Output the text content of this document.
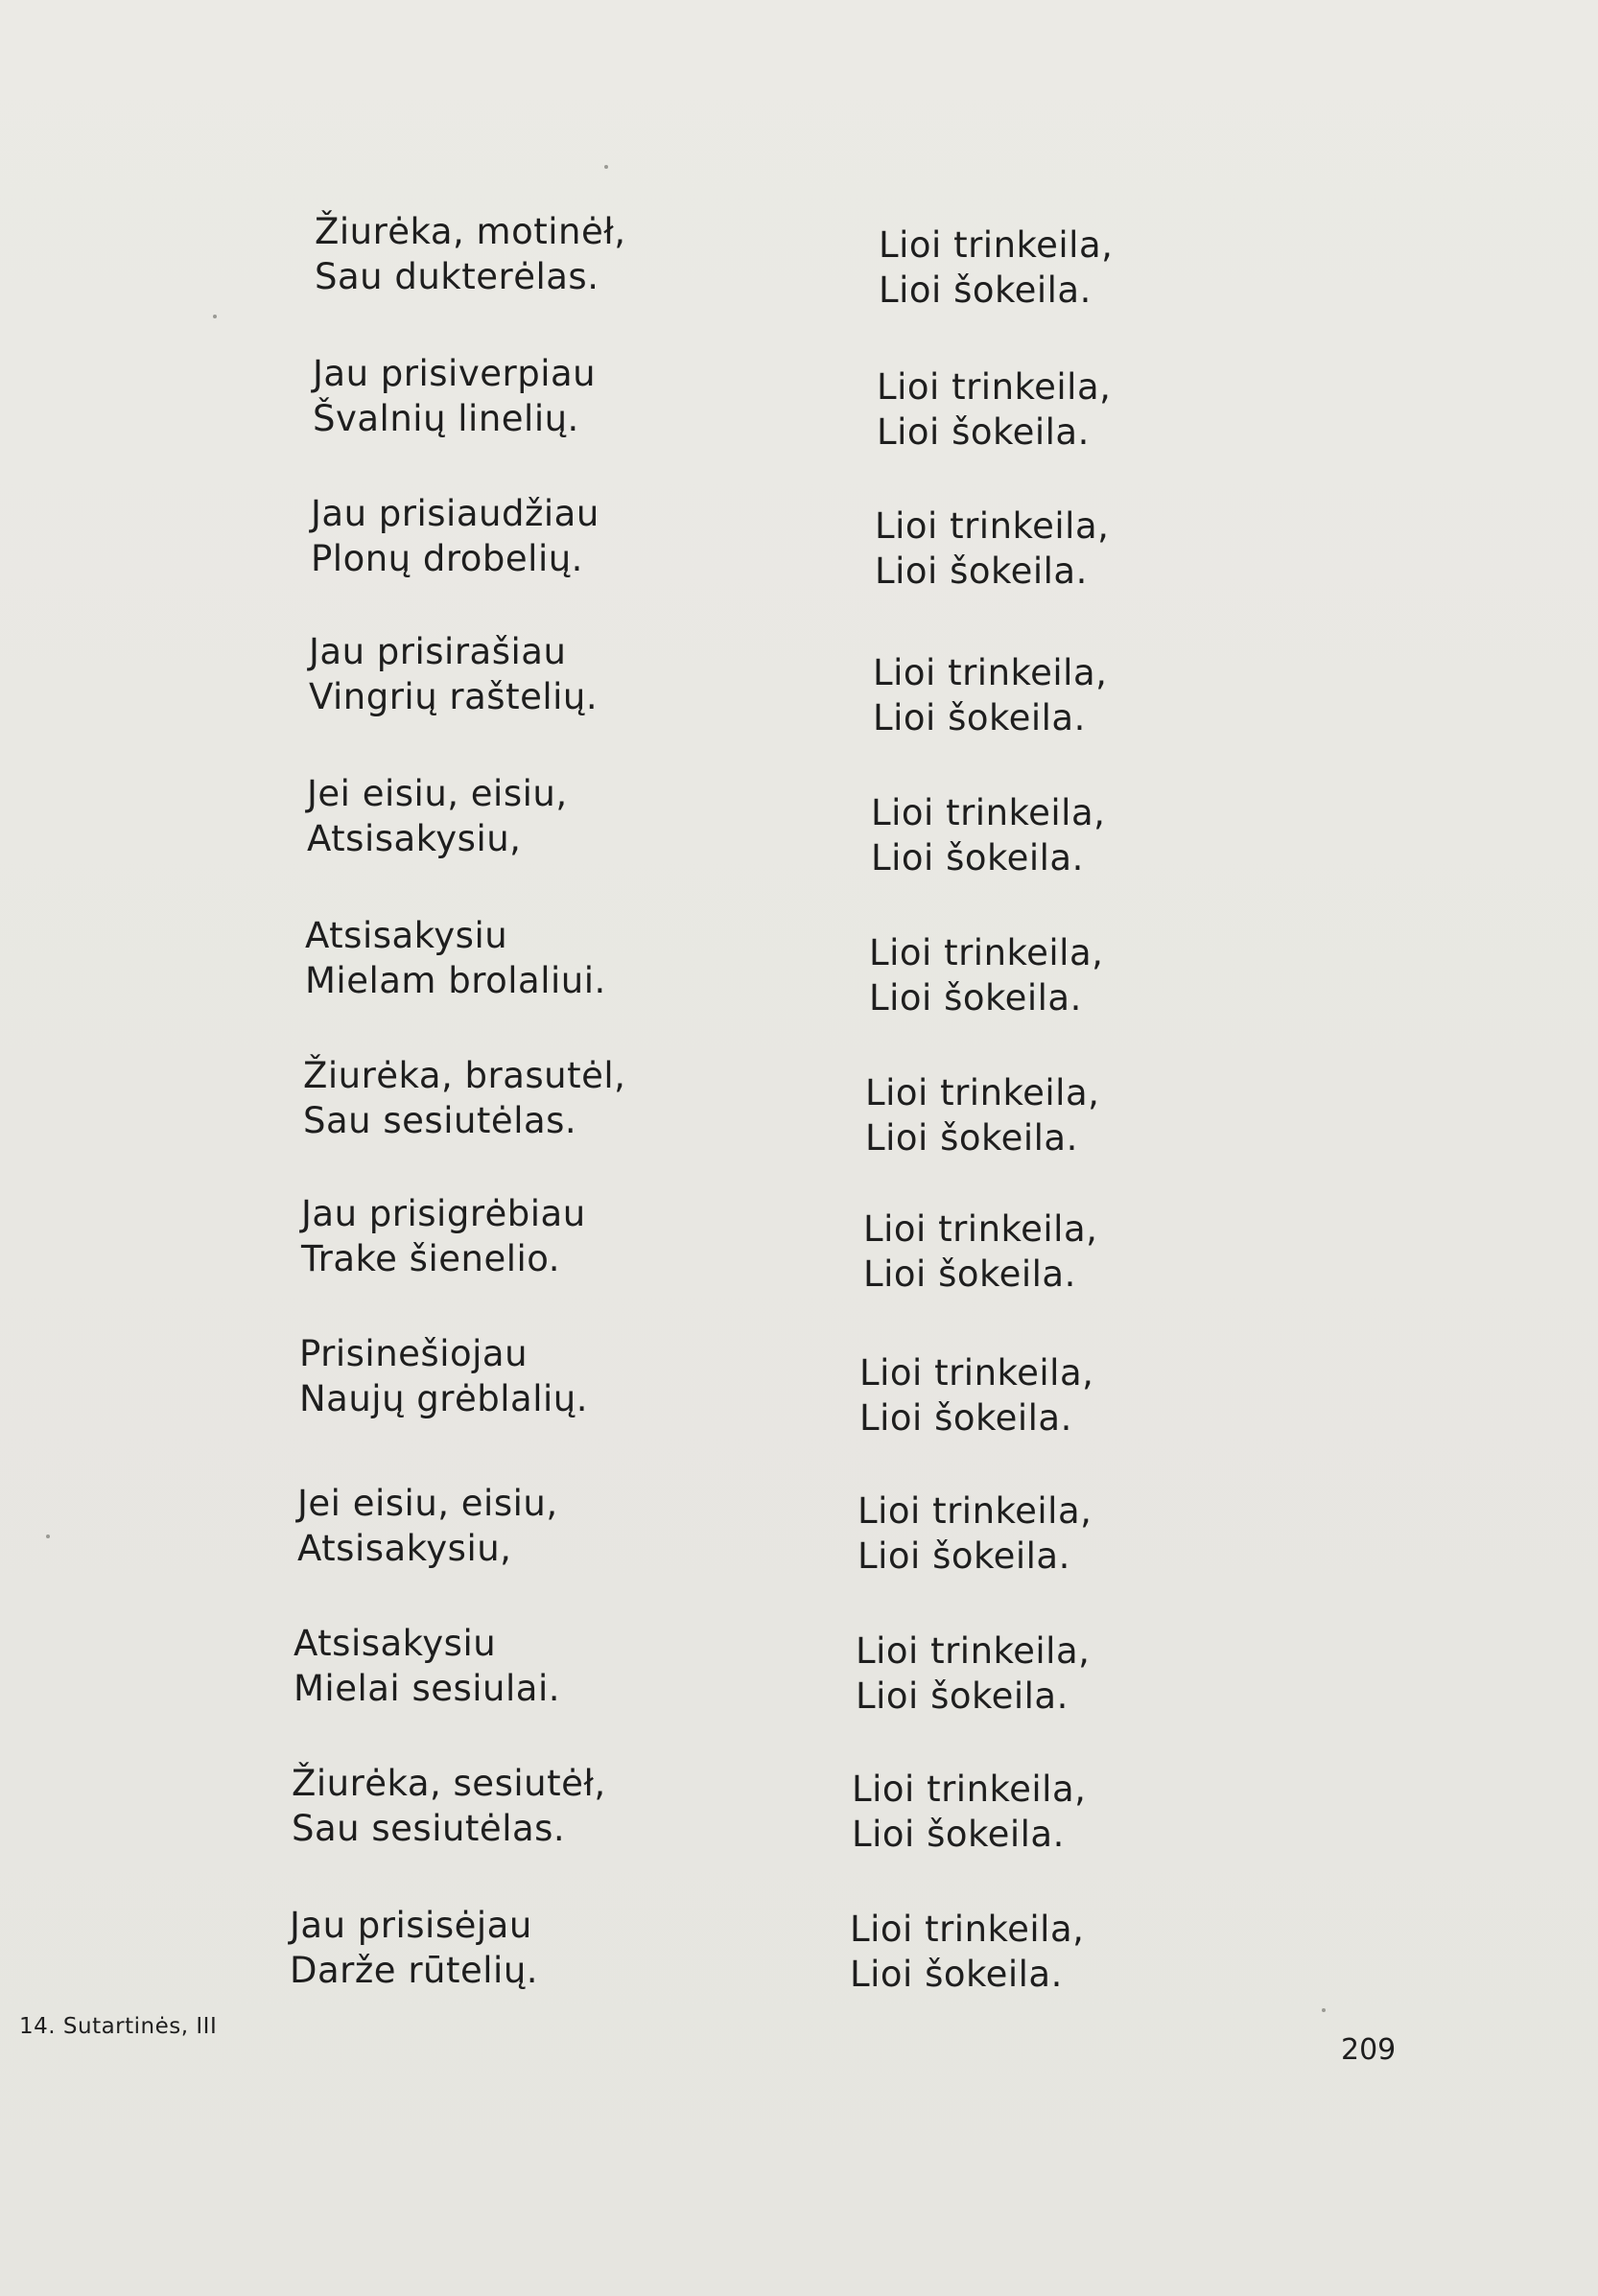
Žiurėka, motinėł,
Sau dukterėlas.
Lioi trinkeila,
Lioi šokeila.
Jau prisiverpiau
Švalnių linelių.
Lioi trinkeila,
Lioi šokeila.
Jau prisiaudžiau
Plonų drobelių.
Lioi trinkeila,
Lioi šokeila.
Jau prisirašiau
Vingrių raštelių.
Lioi trinkeila,
Lioi šokeila.
Jei eisiu, eisiu,
Atsisakysiu,
Lioi trinkeila,
Lioi šokeila.
Atsisakysiu
Mielam brolaliui.
Lioi trinkeila,
Lioi šokeila.
Žiurėka, brasutėl,
Sau sesiutėlas.
Lioi trinkeila,
Lioi šokeila.
Jau prisigrėbiau
Trake šienelio.
Lioi trinkeila,
Lioi šokeila.
Prisinešiojau
Naujų grėblalių.
Lioi trinkeila,
Lioi šokeila.
Jei eisiu, eisiu,
Atsisakysiu,
Lioi trinkeila,
Lioi šokeila.
Atsisakysiu
Mielai sesiulai.
Lioi trinkeila,
Lioi šokeila.
Žiurėka, sesiutėł,
Sau sesiutėlas.
Lioi trinkeila,
Lioi šokeila.
Jau prisisėjau
Darže rūtelių.
Lioi trinkeila,
Lioi šokeila.
14. Sutartinės, III
209
